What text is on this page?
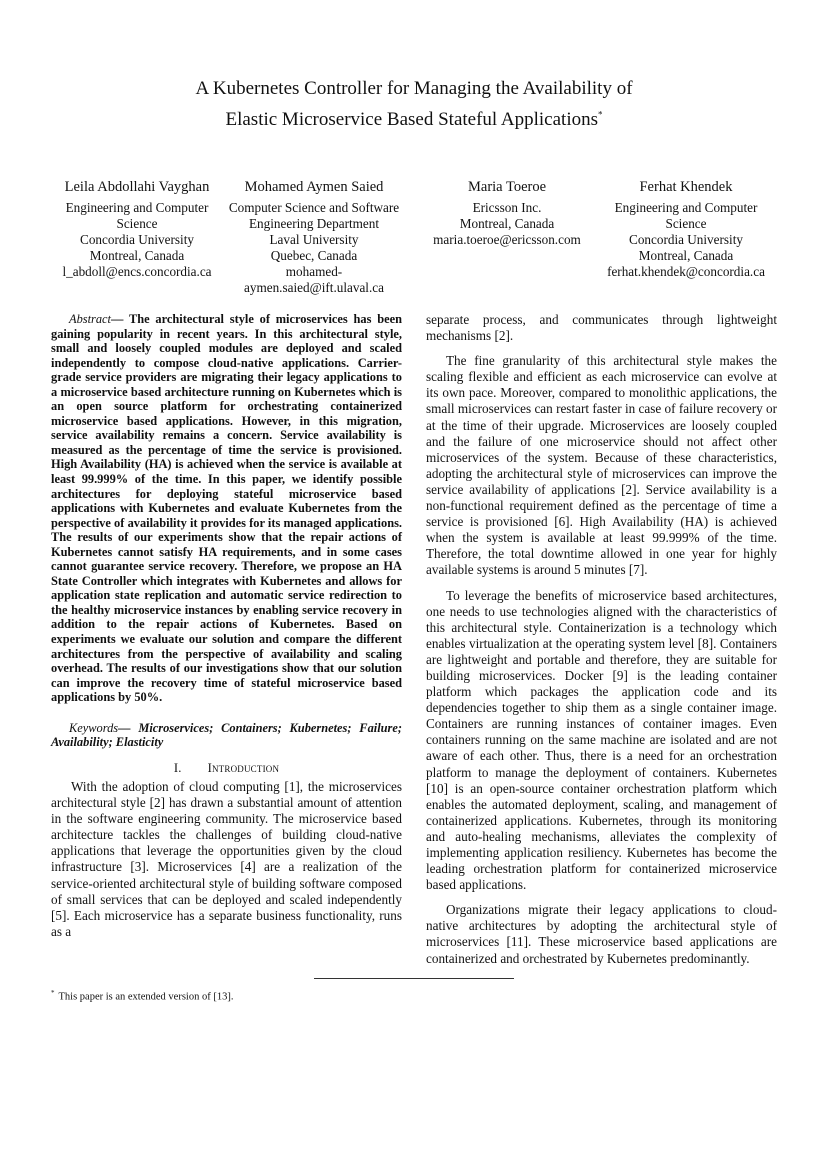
A Kubernetes Controller for Managing the Availability of
Elastic Microservice Based Stateful Applications*
Leila Abdollahi Vayghan
Engineering and Computer
Science
Concordia University
Montreal, Canada
l_abdoll@encs.concordia.ca
Mohamed Aymen Saied
Computer Science and Software
Engineering Department
Laval University
Quebec, Canada
mohamed-
aymen.saied@ift.ulaval.ca
Maria Toeroe
Ericsson Inc.
Montreal, Canada
maria.toeroe@ericsson.com
Ferhat Khendek
Engineering and Computer
Science
Concordia University
Montreal, Canada
ferhat.khendek@concordia.ca

Abstract— The architectural style of microservices has been gaining popularity in recent years. In this architectural style, small and loosely coupled modules are deployed and scaled independently to compose cloud-native applications. Carrier-grade service providers are migrating their legacy applications to a microservice based architecture running on Kubernetes which is an open source platform for orchestrating containerized microservice based applications. However, in this migration, service availability remains a concern. Service availability is measured as the percentage of time the service is provisioned. High Availability (HA) is achieved when the service is available at least 99.999% of the time. In this paper, we identify possible architectures for deploying stateful microservice based applications with Kubernetes and evaluate Kubernetes from the perspective of availability it provides for its managed applications. The results of our experiments show that the repair actions of Kubernetes cannot satisfy HA requirements, and in some cases cannot guarantee service recovery. Therefore, we propose an HA State Controller which integrates with Kubernetes and allows for application state replication and automatic service redirection to the healthy microservice instances by enabling service recovery in addition to the repair actions of Kubernetes. Based on experiments we evaluate our solution and compare the different architectures from the perspective of availability and scaling overhead. The results of our investigations show that our solution can improve the recovery time of stateful microservice based applications by 50%.

Keywords— Microservices; Containers; Kubernetes; Failure; Availability; Elasticity

I. Introduction

With the adoption of cloud computing [1], the microservices architectural style [2] has drawn a substantial amount of attention in the software engineering community. The microservice based architecture tackles the challenges of building cloud-native applications that leverage the opportunities given by the cloud infrastructure [3]. Microservices [4] are a realization of the service-oriented architectural style of building software composed of small services that can be deployed and scaled independently [5]. Each microservice has a separate business functionality, runs as a

separate process, and communicates through lightweight mechanisms [2].

The fine granularity of this architectural style makes the scaling flexible and efficient as each microservice can evolve at its own pace. Moreover, compared to monolithic applications, the small microservices can restart faster in case of failure recovery or at the time of their upgrade. Microservices are loosely coupled and the failure of one microservice should not affect other microservices of the system. Because of these characteristics, adopting the architectural style of microservices can improve the service availability of applications [2]. Service availability is a non-functional requirement defined as the percentage of time a service is provisioned [6]. High Availability (HA) is achieved when the system is available at least 99.999% of the time. Therefore, the total downtime allowed in one year for highly available systems is around 5 minutes [7].

To leverage the benefits of microservice based architectures, one needs to use technologies aligned with the characteristics of this architectural style. Containerization is a technology which enables virtualization at the operating system level [8]. Containers are lightweight and portable and therefore, they are suitable for building microservices. Docker [9] is the leading container platform which packages the application code and its dependencies together to ship them as a single container image. Containers are running instances of container images. Even containers running on the same machine are isolated and are not aware of each other. Thus, there is a need for an orchestration platform to manage the deployment of containers. Kubernetes [10] is an open-source container orchestration platform which enables the automated deployment, scaling, and management of containerized applications. Kubernetes, through its monitoring and auto-healing mechanisms, alleviates the complexity of implementing application resiliency. Kubernetes has become the leading orchestration platform for containerized microservice based applications.

Organizations migrate their legacy applications to cloud-native architectures by adopting the architectural style of microservices [11]. These microservice based applications are containerized and orchestrated by Kubernetes predominantly.

* This paper is an extended version of [13].
